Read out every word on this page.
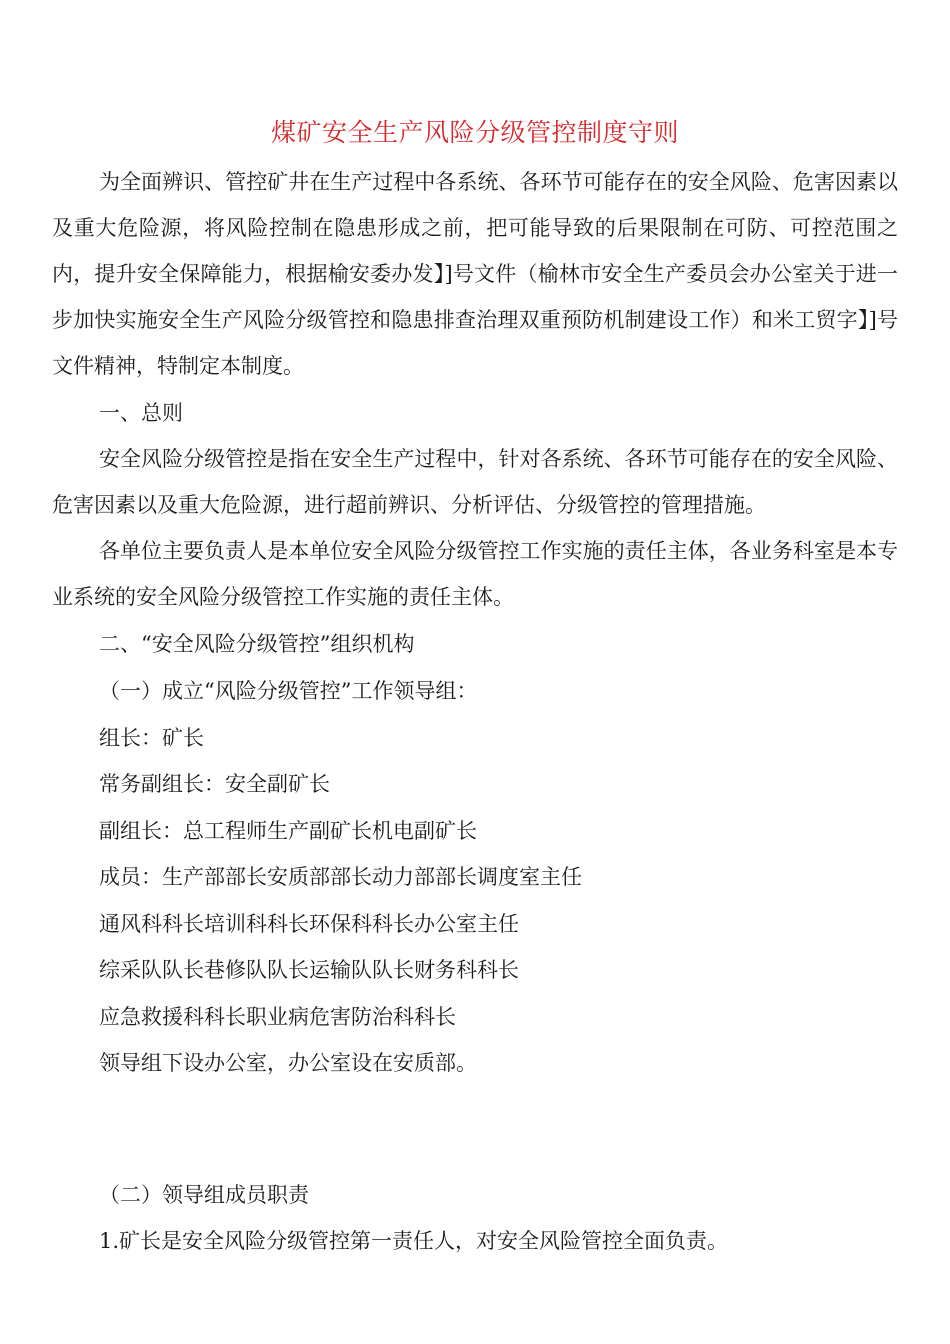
煤矿安全生产风险分级管控制度守则
为全面辨识、管控矿井在生产过程中各系统、各环节可能存在的安全风险、危害因素以及重大危险源，将风险控制在隐患形成之前，把可能导致的后果限制在可防、可控范围之内，提升安全保障能力，根据榆安委办发】]号文件（榆林市安全生产委员会办公室关于进一步加快实施安全生产风险分级管控和隐患排查治理双重预防机制建设工作）和米工贸字】]号文件精神，特制定本制度。
一、总则
安全风险分级管控是指在安全生产过程中，针对各系统、各环节可能存在的安全风险、危害因素以及重大危险源，进行超前辨识、分析评估、分级管控的管理措施。
各单位主要负责人是本单位安全风险分级管控工作实施的责任主体，各业务科室是本专业系统的安全风险分级管控工作实施的责任主体。
二、“安全风险分级管控”组织机构
（一）成立“风险分级管控”工作领导组：
组长：矿长
常务副组长：安全副矿长
副组长：总工程师生产副矿长机电副矿长
成员：生产部部长安质部部长动力部部长调度室主任
通风科科长培训科科长环保科科长办公室主任
综采队队长巷修队队长运输队队长财务科科长
应急救援科科长职业病危害防治科科长
领导组下设办公室，办公室设在安质部。
（二）领导组成员职责
1.矿长是安全风险分级管控第一责任人，对安全风险管控全面负责。
